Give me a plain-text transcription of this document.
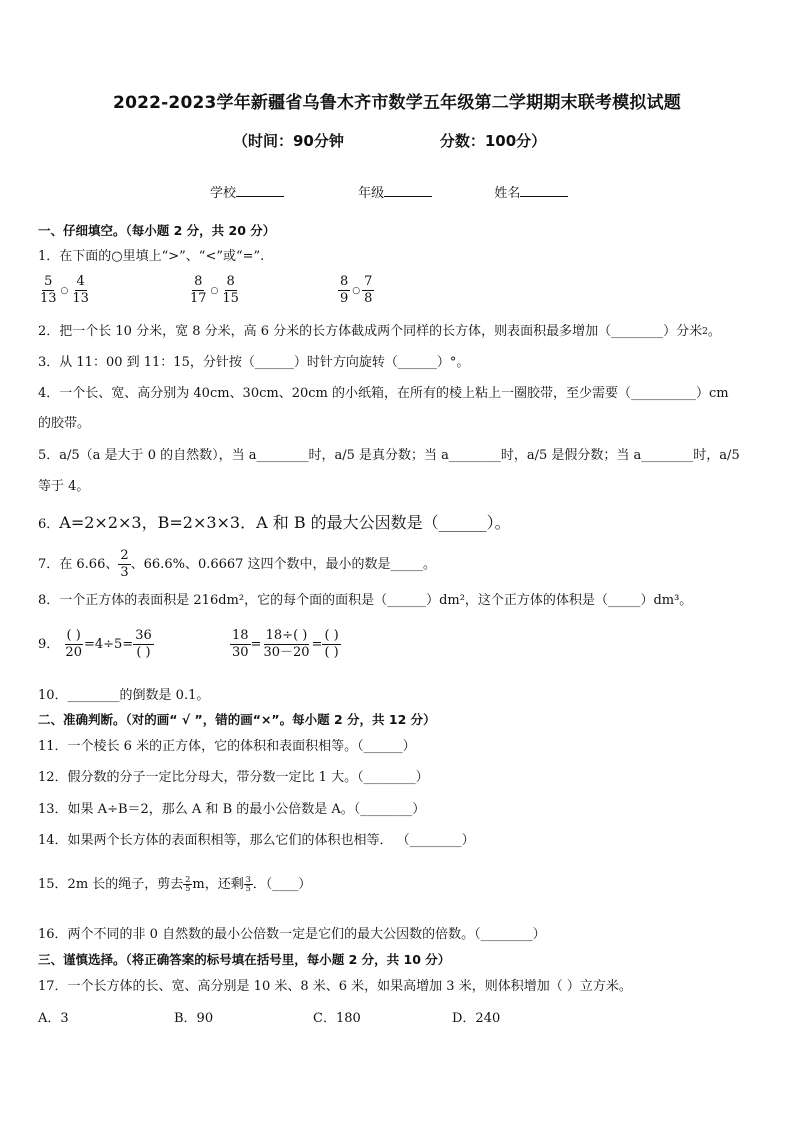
2022-2023学年新疆省乌鲁木齐市数学五年级第二学期期末联考模拟试题
（时间：90分钟	分数：100分）
学校	年级	姓名
一、仔细填空。（每小题 2 分，共 20 分）
1．在下面的○里填上“>”、“<”或“=”.
$\frac{5}{13}$ ○ $\frac{4}{13}$	$\frac{8}{17}$ ○ $\frac{8}{15}$	$\frac{8}{9}$ ○ $\frac{7}{8}$
2．把一个长 10 分米，宽 8 分米，高 6 分米的长方体截成两个同样的长方体，则表面积最多增加（________）分米$^2$。
3．从 11：00 到 11：15，分针按（______）时针方向旋转（______）°。
4．一个长、宽、高分别为 40cm、30cm、20cm 的小纸箱，在所有的棱上粘上一圈胶带，至少需要（__________）cm
的胶带。
5．a/5（a 是大于 0 的自然数），当 a________时，a/5 是真分数；当 a________时，a/5 是假分数；当 a________时，a/5
等于 4。
6．A=2×2×3，B=2×3×3．A 和 B 的最大公因数是（______）。
7．在 6.66、 $\frac{2}{3}$ 、66.6%、0.6667 这四个数中，最小的数是_____。
8．一个正方体的表面积是 216dm²，它的每个面的面积是（______）dm²，这个正方体的体积是（_____）dm³。
9． $\frac{( )}{20} =4\div 5= \frac{36}{( )}$	$\frac{18}{30} = \frac{18\div( )}{30-20} = \frac{( )}{( )}$
10．________的倒数是 0.1。
二、准确判断。（对的画“ √ ”，错的画“×”。每小题 2 分，共 12 分）
11．一个棱长 6 米的正方体，它的体积和表面积相等。（______）
12．假分数的分子一定比分母大，带分数一定比 1 大。（________）
13．如果 A÷B＝2，那么 A 和 B 的最小公倍数是 A。（________）
14．如果两个长方体的表面积相等，那么它们的体积也相等． （________）
15．2m 长的绳子，剪去 $\frac{2}{5}$ m，还剩 $\frac{3}{5}$ ．（____）
16．两个不同的非 0 自然数的最小公倍数一定是它们的最大公因数的倍数。（________）
三、谨慎选择。（将正确答案的标号填在括号里，每小题 2 分，共 10 分）
17．一个长方体的长、宽、高分别是 10 米、8 米、6 米，如果高增加 3 米，则体积增加（ ）立方米。
A．3	B．90	C．180	D．240
